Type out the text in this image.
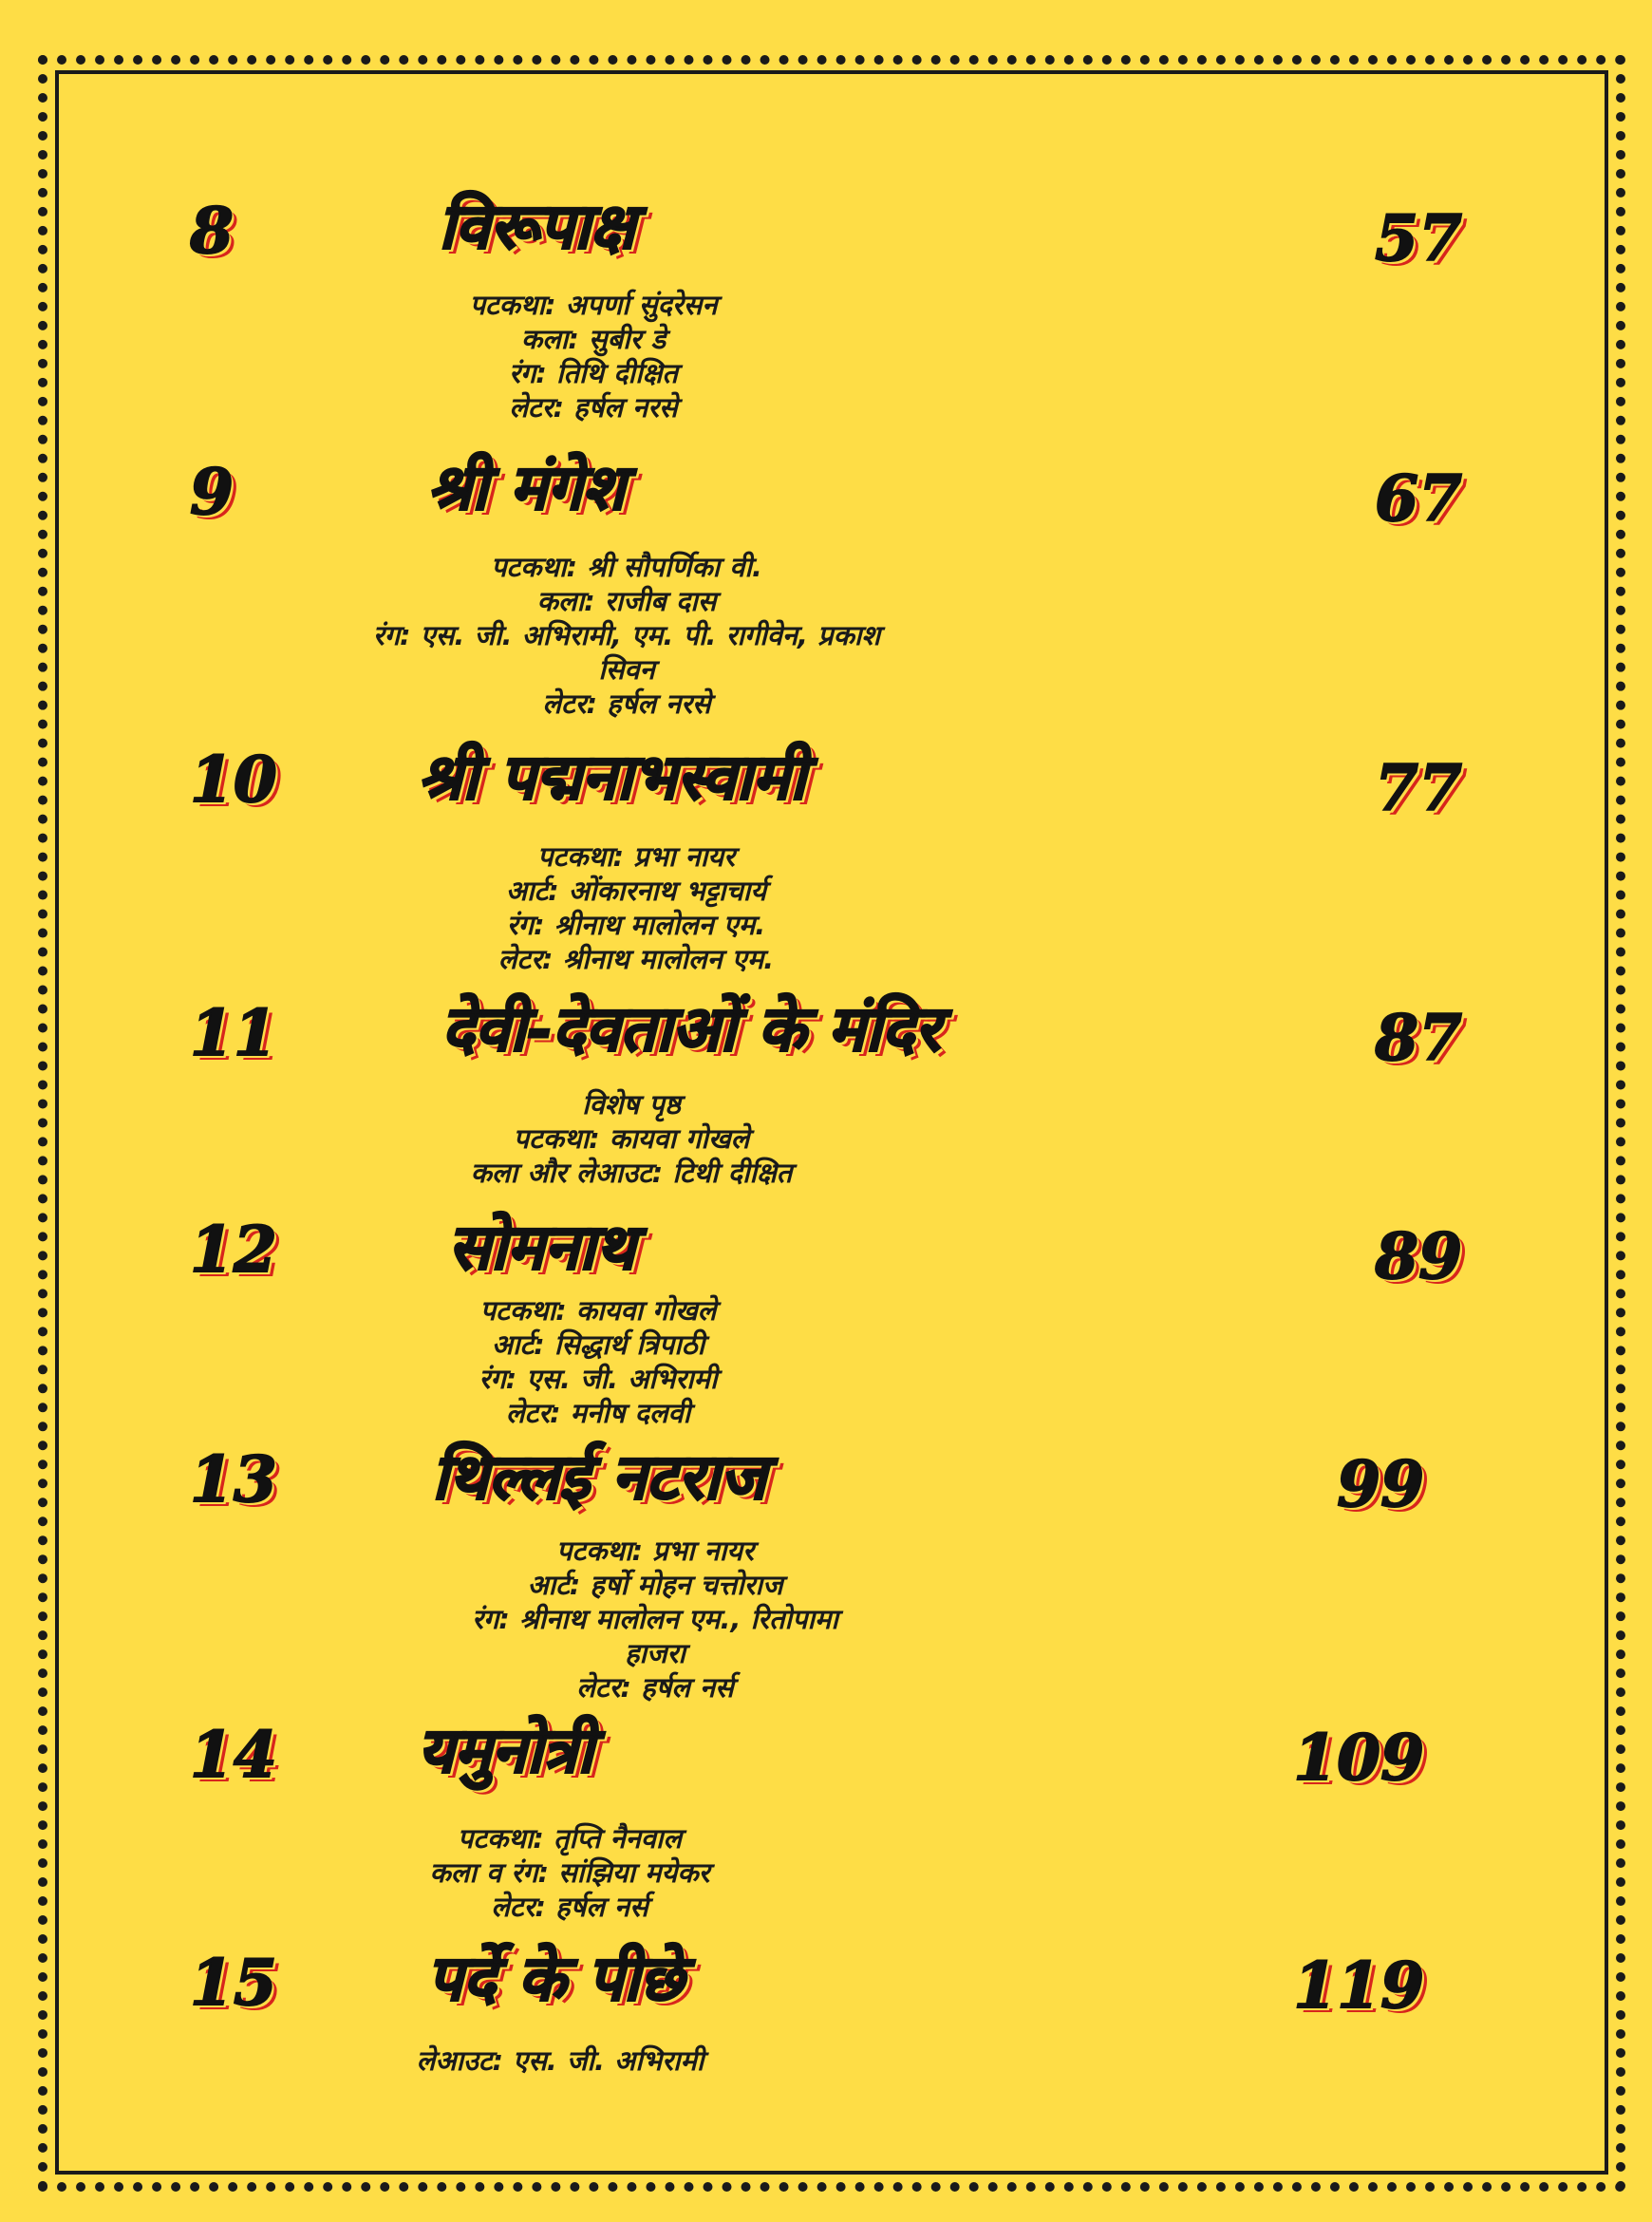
8	विरूपाक्ष	57

पटकथा: अपर्णा सुंदरेसन
कला: सुबीर डे
रंग: तिथि दीक्षित
लेटर: हर्षल नरसे

9	श्री मंगेश	67

पटकथा: श्री सौपर्णिका वी.
कला: राजीब दास
रंग: एस. जी. अभिरामी, एम. पी. रागीवेन, प्रकाश
सिवन
लेटर: हर्षल नरसे

10 श्री पद्मनाभस्वामी	77

पटकथा: प्रभा नायर
आर्ट: ओंकारनाथ भट्टाचार्य
रंग: श्रीनाथ मालोलन एम.
लेटर: श्रीनाथ मालोलन एम.

11	देवी-देवताओं के मंदिर	87

विशेष पृष्ठ
पटकथा: कायवा गोखले
कला और लेआउट: टिथी दीक्षित

12	सोमनाथ	89

पटकथा: कायवा गोखले
आर्ट: सिद्धार्थ त्रिपाठी
रंग: एस. जी. अभिरामी
लेटर: मनीष दलवी

13 थिल्लई नटराज	99

पटकथा: प्रभा नायर
आर्ट: हर्षो मोहन चत्तोराज
रंग: श्रीनाथ मालोलन एम., रितोपामा
हाजरा
लेटर: हर्षल नर्स

14 यमुनोत्री	109

पटकथा: तृप्ति नैनवाल
कला व रंग: सांझिया मयेकर
लेटर: हर्षल नर्स

15 पर्दे के पीछे	119

लेआउट: एस. जी. अभिरामी
